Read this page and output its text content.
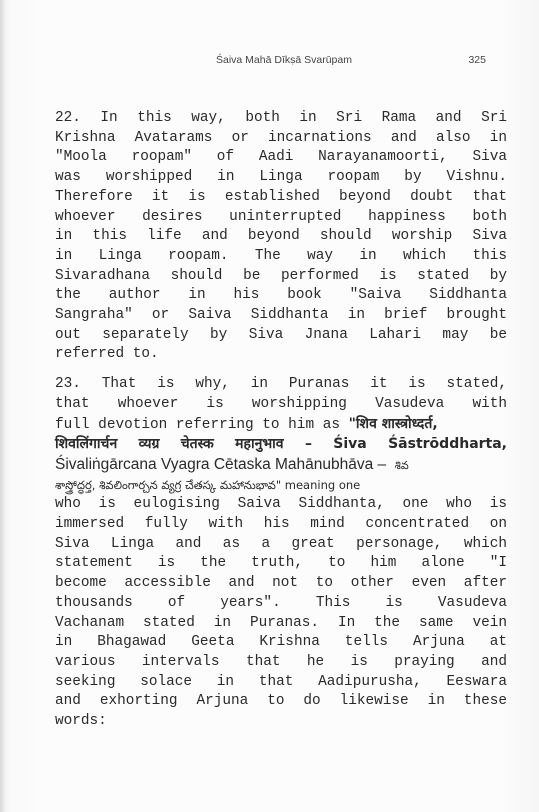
Śaiva Mahā Dīkṣā Svarūpam	325
22. In this way, both in Sri Rama and Sri
Krishna Avatarams or incarnations and also in
"Moola roopam" of Aadi Narayanamoorti, Siva
was worshipped in Linga roopam by Vishnu.
Therefore it is established beyond doubt that
whoever desires uninterrupted happiness both
in this life and beyond should worship Siva
in Linga roopam. The way in which this
Sivaradhana should be performed is stated by
the author in his book "Saiva Siddhanta
Sangraha" or Saiva Siddhanta in brief brought
out separately by Siva Jnana Lahari may be
referred to.
23. That is why, in Puranas it is stated,
that whoever is worshipping Vasudeva with
full devotion referring to him as "शिव शास्त्रोध्दर्त,
शिवलिंगार्चन व्यग्र चेतस्क महानुभाव – Śiva Śāstrōddharta,
Śivaliṅgārcana Vyagra Cētaska Mahānubhāva – శివ
శాస్త్రోద్ధర్త, శివలింగార్చన వ్యగ్ర చేతస్క మహానుభావ" meaning one
who is eulogising Saiva Siddhanta, one who is
immersed fully with his mind concentrated on
Siva Linga and as a great personage, which
statement is the truth, to him alone "I
become accessible and not to other even after
thousands of years". This is Vasudeva
Vachanam stated in Puranas. In the same vein
in Bhagawad Geeta Krishna tells Arjuna at
various intervals that he is praying and
seeking solace in that Aadipurusha, Eeswara
and exhorting Arjuna to do likewise in these
words:
